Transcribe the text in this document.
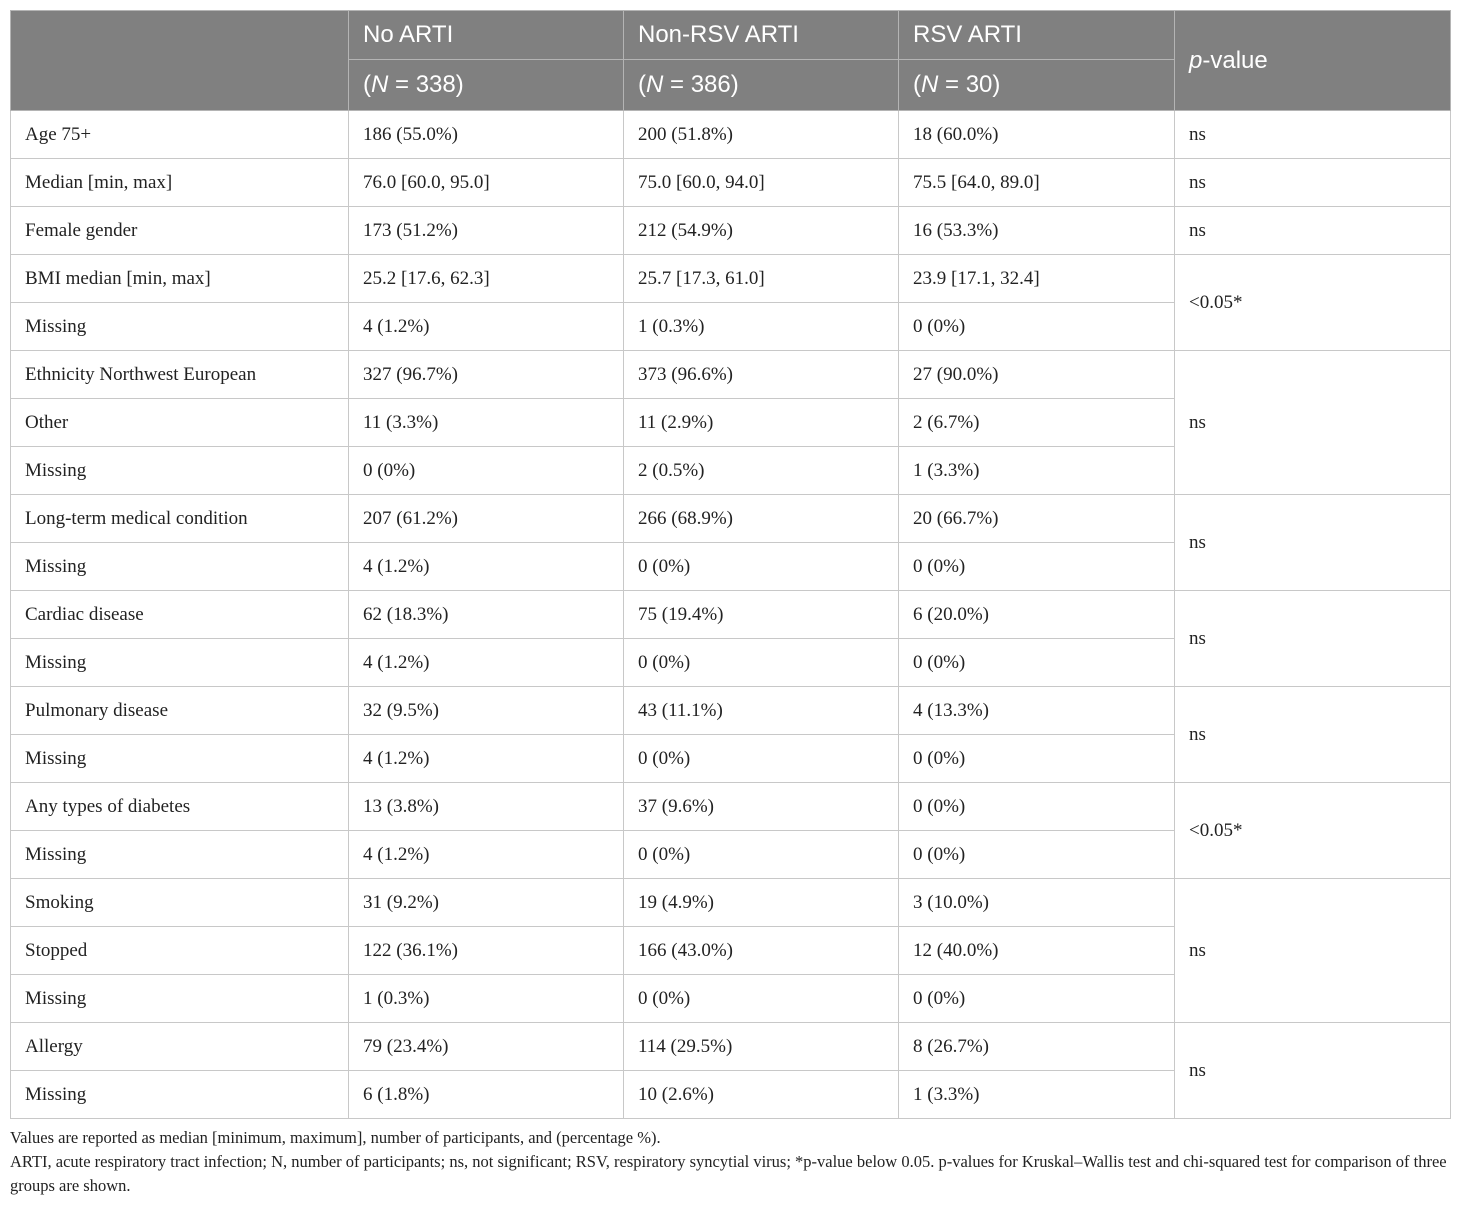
	No ARTI	Non-RSV ARTI	RSV ARTI	p-value
	(N = 338)	(N = 386)	(N = 30)	
Age 75+	186 (55.0%)	200 (51.8%)	18 (60.0%)	ns
Median [min, max]	76.0 [60.0, 95.0]	75.0 [60.0, 94.0]	75.5 [64.0, 89.0]	ns
Female gender	173 (51.2%)	212 (54.9%)	16 (53.3%)	ns
BMI median [min, max]	25.2 [17.6, 62.3]	25.7 [17.3, 61.0]	23.9 [17.1, 32.4]	<0.05*
Missing	4 (1.2%)	1 (0.3%)	0 (0%)	
Ethnicity Northwest European	327 (96.7%)	373 (96.6%)	27 (90.0%)	ns
Other	11 (3.3%)	11 (2.9%)	2 (6.7%)	
Missing	0 (0%)	2 (0.5%)	1 (3.3%)	
Long-term medical condition	207 (61.2%)	266 (68.9%)	20 (66.7%)	ns
Missing	4 (1.2%)	0 (0%)	0 (0%)	
Cardiac disease	62 (18.3%)	75 (19.4%)	6 (20.0%)	ns
Missing	4 (1.2%)	0 (0%)	0 (0%)	
Pulmonary disease	32 (9.5%)	43 (11.1%)	4 (13.3%)	ns
Missing	4 (1.2%)	0 (0%)	0 (0%)	
Any types of diabetes	13 (3.8%)	37 (9.6%)	0 (0%)	<0.05*
Missing	4 (1.2%)	0 (0%)	0 (0%)	
Smoking	31 (9.2%)	19 (4.9%)	3 (10.0%)	ns
Stopped	122 (36.1%)	166 (43.0%)	12 (40.0%)	
Missing	1 (0.3%)	0 (0%)	0 (0%)	
Allergy	79 (23.4%)	114 (29.5%)	8 (26.7%)	ns
Missing	6 (1.8%)	10 (2.6%)	1 (3.3%)	

Values are reported as median [minimum, maximum], number of participants, and (percentage %).

ARTI, acute respiratory tract infection; N, number of participants; ns, not significant; RSV, respiratory syncytial virus; *p-value below 0.05. p-values for Kruskal–Wallis test and chi-squared test for comparison of three groups are shown.
